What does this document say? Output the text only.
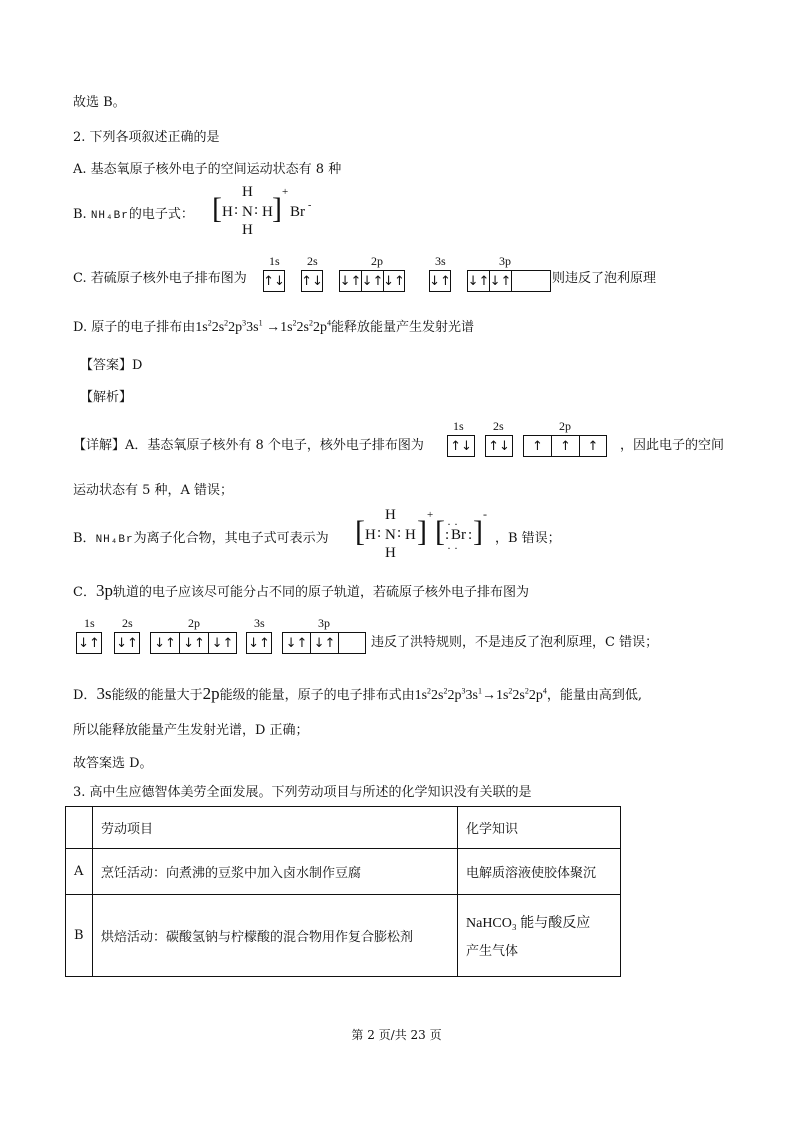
故选 B。
2. 下列各项叙述正确的是
A. 基态氧原子核外电子的空间运动状态有 8 种
B. NH₄Br的电子式： [ H
H : N : H
H
] +
Br -
C. 若硫原子核外电子排布图为
1s 2s	2p	3s	3p
↑↓ ↑↓ ↓↑ ↓↑ ↓↑ ↓↑ ↓↑ ↓↑	则违反了泡利原理
D. 原子的电子排布由$1s^22s^22p^33s^1 \to 1s^22s^22p^4$能释放能量产生发射光谱
【答案】D
【解析】
【详解】A．基态氧原子核外有 8 个电子，核外电子排布图为
1s 2s	2p
↑↓ ↑↓	↑	↑	↑	，因此电子的空间
运动状态有 5 种，A 错误；
B．NH₄Br为离子化合物，其电子式可表示为 [ H
H : N : H
H
] + [ · ·
: Br :
· · ]
-
，B 错误；
C．3p轨道的电子应该尽可能分占不同的原子轨道，若硫原子核外电子排布图为
1s 2s	2p	3s	3p
↓↑ ↓↑	↓↑ ↓↑ ↓↑ ↓↑ ↓↑ ↓↑	违反了洪特规则，不是违反了泡利原理，C 错误；
D．3s能级的能量大于2p能级的能量，原子的电子排布式由$1s^22s^22p^33s^1\to 1s^22s^22p^4$，能量由高到低,
所以能释放能量产生发射光谱，D 正确；
故答案选 D。
3. 高中生应德智体美劳全面发展。下列劳动项目与所述的化学知识没有关联的是
	劳动项目	化学知识
A	烹饪活动：向煮沸的豆浆中加入卤水制作豆腐	电解质溶液使胶体聚沉
B	烘焙活动：碳酸氢钠与柠檬酸的混合物用作复合膨松剂	NaHCO₃ 能与酸反应
产生气体
第 2 页/共 23 页
